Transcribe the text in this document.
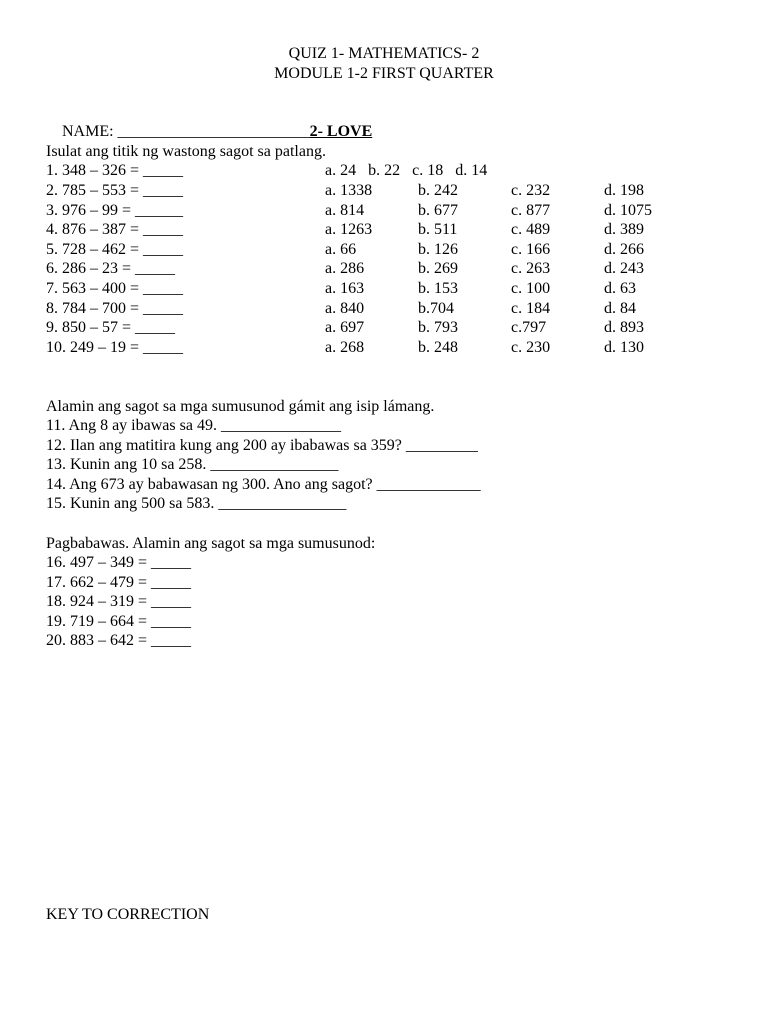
QUIZ 1- MATHEMATICS- 2
MODULE 1-2 FIRST QUARTER

NAME: ________________________2- LOVE

Isulat ang titik ng wastong sagot sa patlang.
1. 348 – 326 = _____	a. 24   b. 22   c. 18   d. 14
2. 785 – 553 = _____	a. 1338	b. 242	c. 232	d. 198
3. 976 – 99 = ______	a. 814	b. 677	c. 877	d. 1075
4. 876 – 387 = _____	a. 1263	b. 511	c. 489	d. 389
5. 728 – 462 = _____	a. 66	b. 126	c. 166	d. 266
6. 286 – 23 = _____	a. 286	b. 269	c. 263	d. 243
7. 563 – 400 = _____	a. 163	b. 153	c. 100	d. 63
8. 784 – 700 = _____	a. 840	b.704	c. 184	d. 84
9. 850 – 57 = _____	a. 697	b. 793	c.797	d. 893
10. 249 – 19 = _____	a. 268	b. 248	c. 230	d. 130
Alamin ang sagot sa mga sumusunod gámit ang isip lámang.
11. Ang 8 ay ibawas sa 49. _______________
12. Ilan ang matitira kung ang 200 ay ibabawas sa 359? _________
13. Kunin ang 10 sa 258. ________________
14. Ang 673 ay babawasan ng 300. Ano ang sagot? _____________
15. Kunin ang 500 sa 583. ________________
Pagbabawas. Alamin ang sagot sa mga sumusunod:
16. 497 – 349 = _____
17. 662 – 479 = _____
18. 924 – 319 = _____
19. 719 – 664 = _____
20. 883 – 642 = _____
KEY TO CORRECTION
